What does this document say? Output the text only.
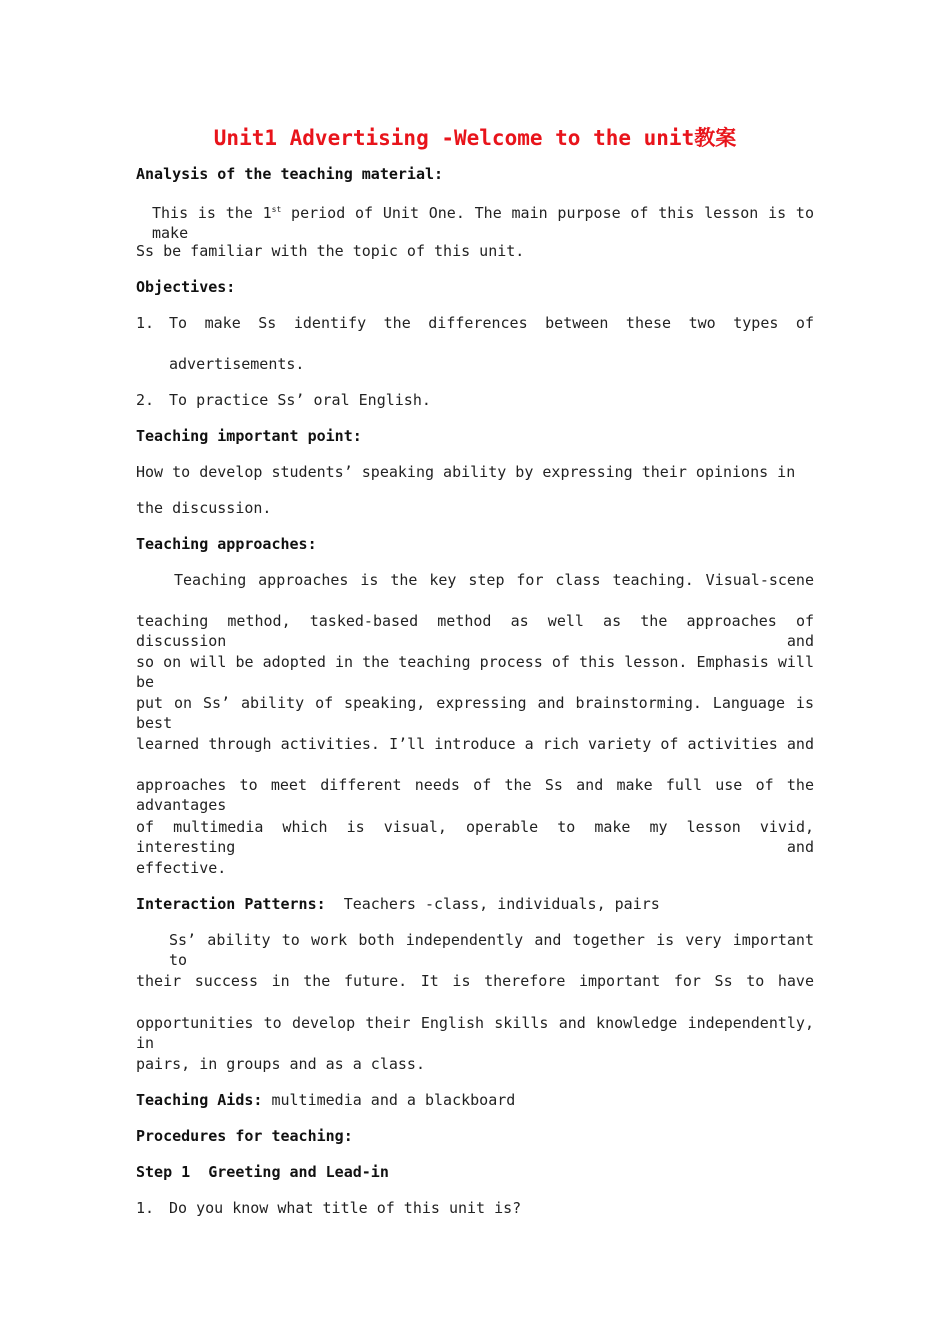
Unit1 Advertising -Welcome to the unit教案
Analysis of the teaching material:
This is the 1st period of Unit One. The main purpose of this lesson is to make
Ss be familiar with the topic of this unit.
Objectives:
1. To make Ss identify the differences between these two types of
advertisements.
2. To practice Ss’ oral English.
Teaching important point:
How to develop students’ speaking ability by expressing their opinions in
the discussion.
Teaching approaches:
Teaching approaches is the key step for class teaching. Visual-scene
teaching method, tasked-based method as well as the approaches of discussion and
so on will be adopted in the teaching process of this lesson. Emphasis will be
put on Ss’ ability of speaking, expressing and brainstorming. Language is best
learned through activities. I’ll introduce a rich variety of activities and
approaches to meet different needs of the Ss and make full use of the advantages
of multimedia which is visual, operable to make my lesson vivid, interesting and
effective.
Interaction Patterns: Teachers -class, individuals, pairs
Ss’ ability to work both independently and together is very important to
their success in the future. It is therefore important for Ss to have
opportunities to develop their English skills and knowledge independently, in
pairs, in groups and as a class.
Teaching Aids: multimedia and a blackboard
Procedures for teaching:
Step 1  Greeting and Lead-in
1. Do you know what title of this unit is?
